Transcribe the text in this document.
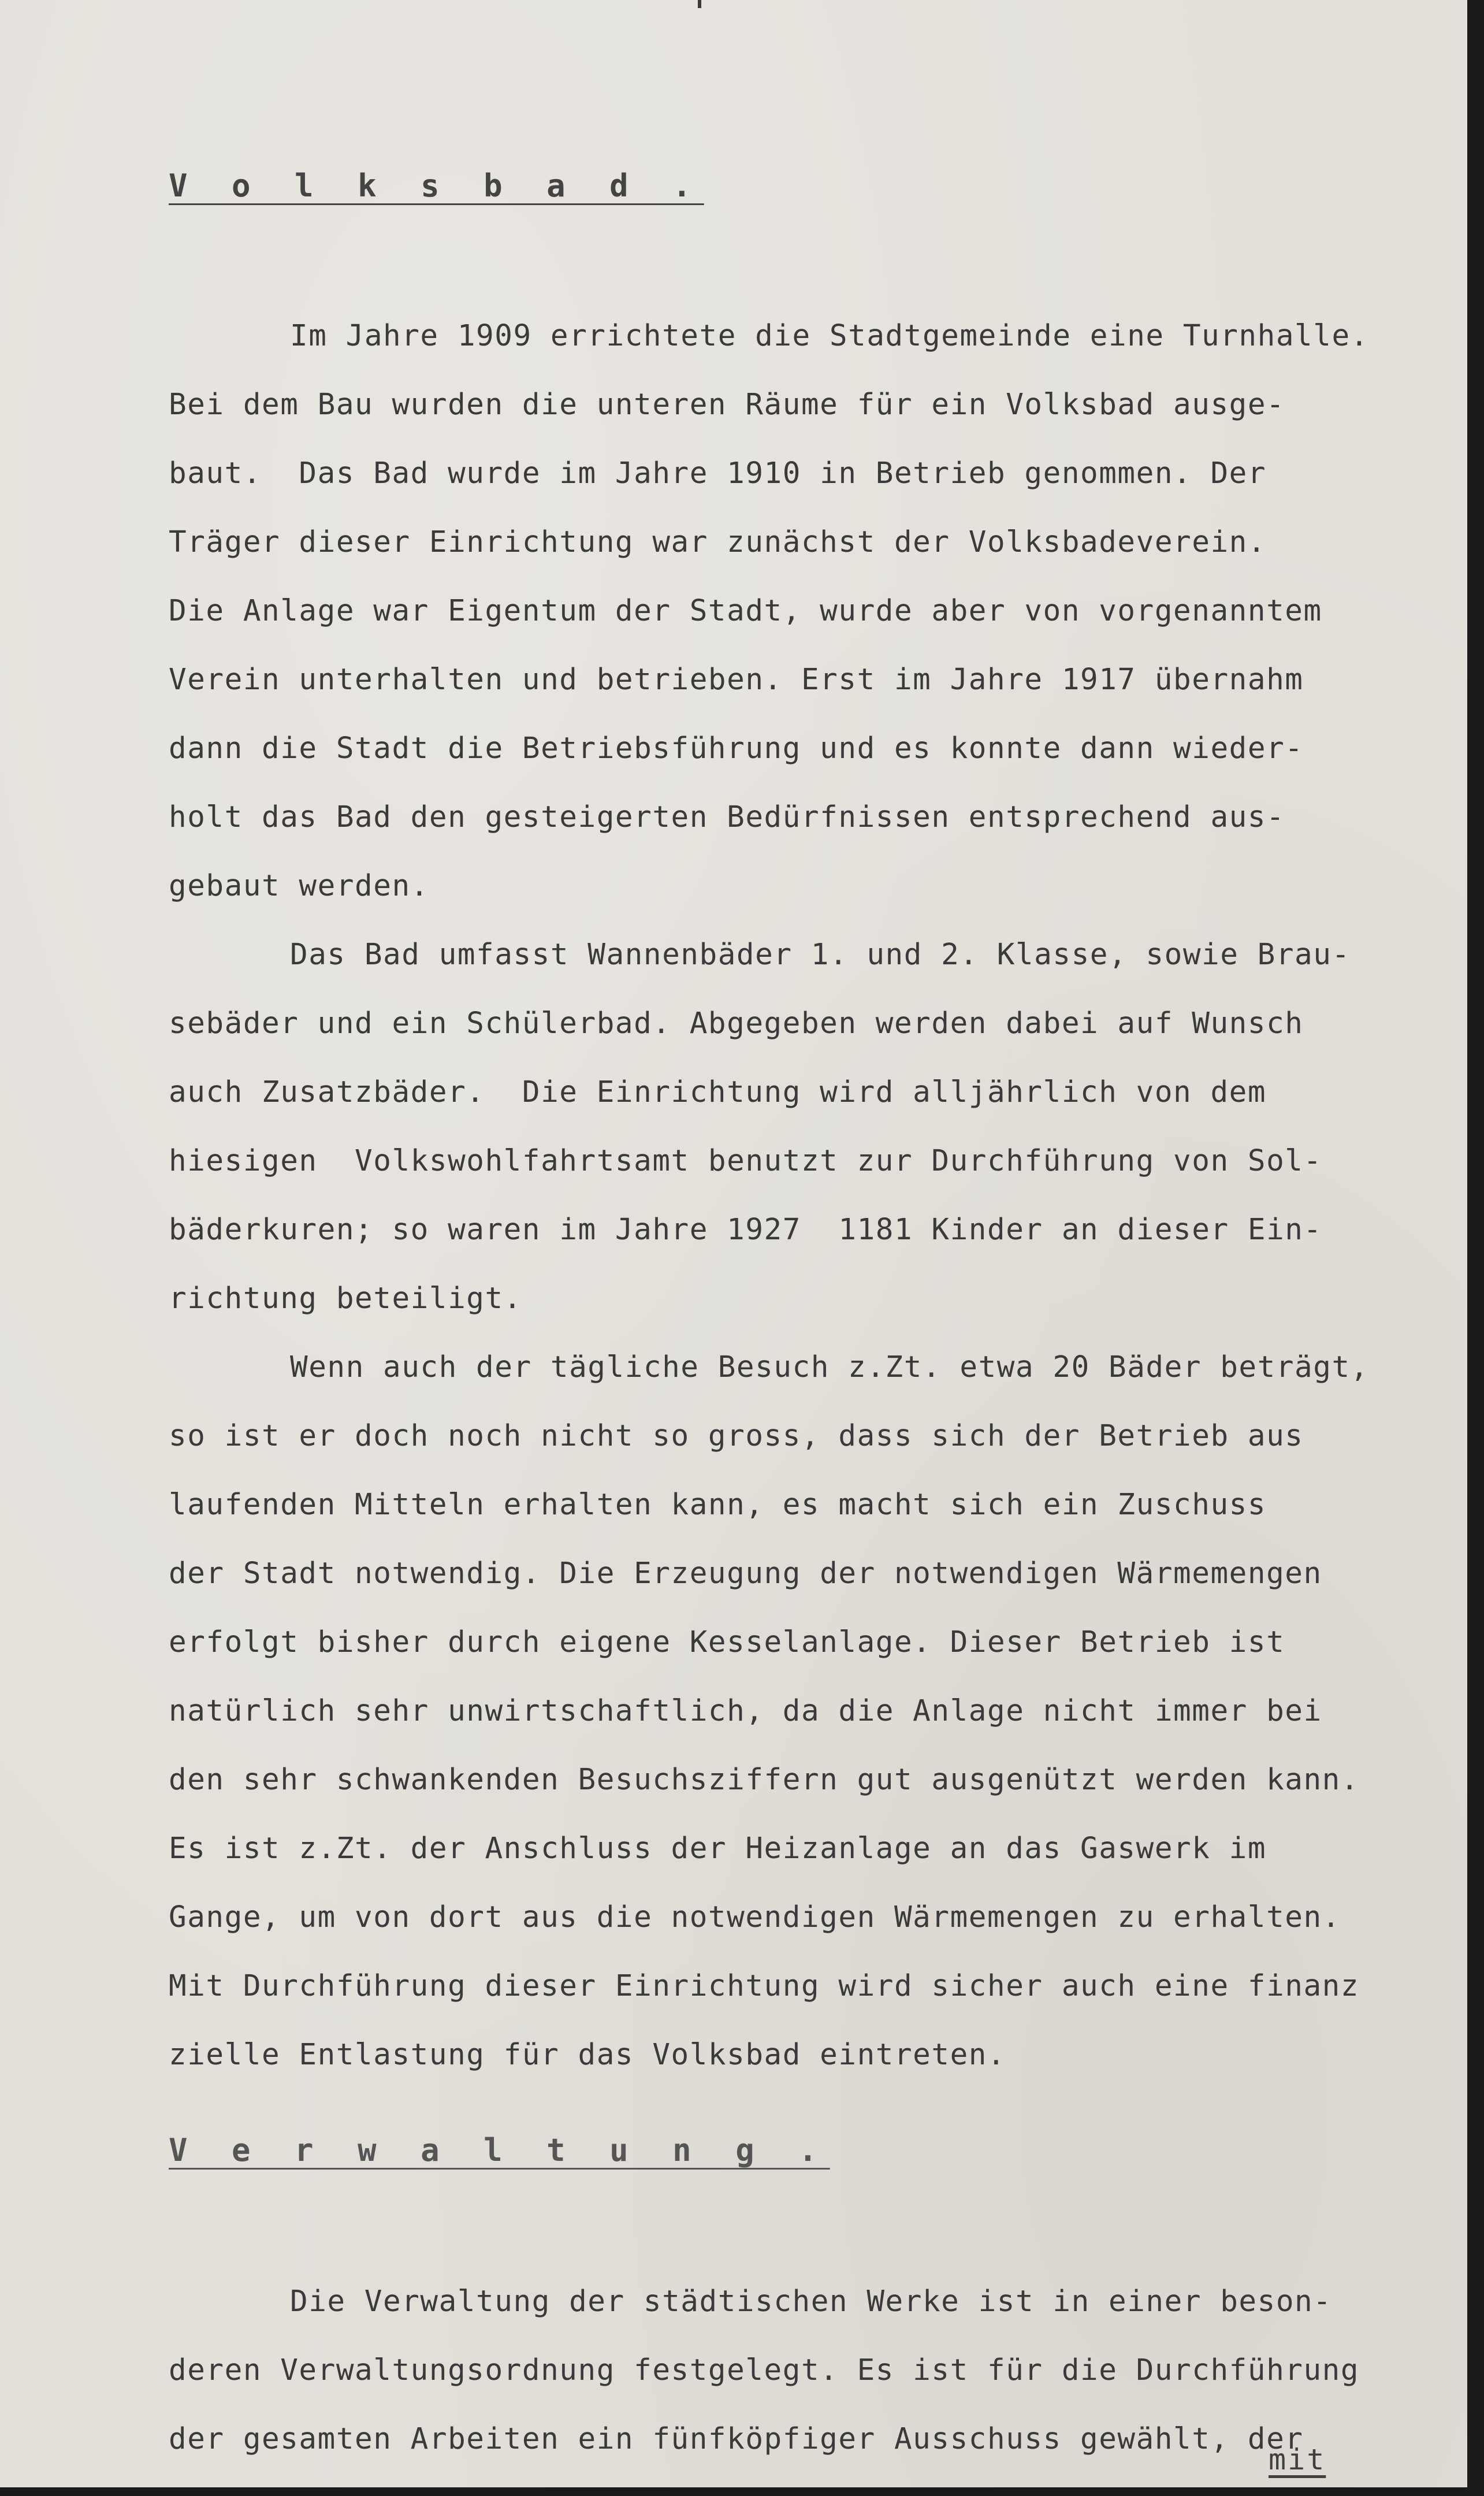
V o l k s b a d .
Im Jahre 1909 errichtete die Stadtgemeinde eine Turnhalle.
Bei dem Bau wurden die unteren Räume für ein Volksbad ausge-
baut.  Das Bad wurde im Jahre 1910 in Betrieb genommen. Der
Träger dieser Einrichtung war zunächst der Volksbadeverein.
Die Anlage war Eigentum der Stadt, wurde aber von vorgenanntem
Verein unterhalten und betrieben. Erst im Jahre 1917 übernahm
dann die Stadt die Betriebsführung und es konnte dann wieder-
holt das Bad den gesteigerten Bedürfnissen entsprechend aus-
gebaut werden.
Das Bad umfasst Wannenbäder 1. und 2. Klasse, sowie Brau-
sebäder und ein Schülerbad. Abgegeben werden dabei auf Wunsch
auch Zusatzbäder.  Die Einrichtung wird alljährlich von dem
hiesigen  Volkswohlfahrtsamt benutzt zur Durchführung von Sol-
bäderkuren; so waren im Jahre 1927  1181 Kinder an dieser Ein-
richtung beteiligt.
Wenn auch der tägliche Besuch z.Zt. etwa 20 Bäder beträgt,
so ist er doch noch nicht so gross, dass sich der Betrieb aus
laufenden Mitteln erhalten kann, es macht sich ein Zuschuss
der Stadt notwendig. Die Erzeugung der notwendigen Wärmemengen
erfolgt bisher durch eigene Kesselanlage. Dieser Betrieb ist
natürlich sehr unwirtschaftlich, da die Anlage nicht immer bei
den sehr schwankenden Besuchsziffern gut ausgenützt werden kann.
Es ist z.Zt. der Anschluss der Heizanlage an das Gaswerk im
Gange, um von dort aus die notwendigen Wärmemengen zu erhalten.
Mit Durchführung dieser Einrichtung wird sicher auch eine finanz
zielle Entlastung für das Volksbad eintreten.
V e r w a l t u n g .
Die Verwaltung der städtischen Werke ist in einer beson-
deren Verwaltungsordnung festgelegt. Es ist für die Durchführung
der gesamten Arbeiten ein fünfköpfiger Ausschuss gewählt, der
mit
